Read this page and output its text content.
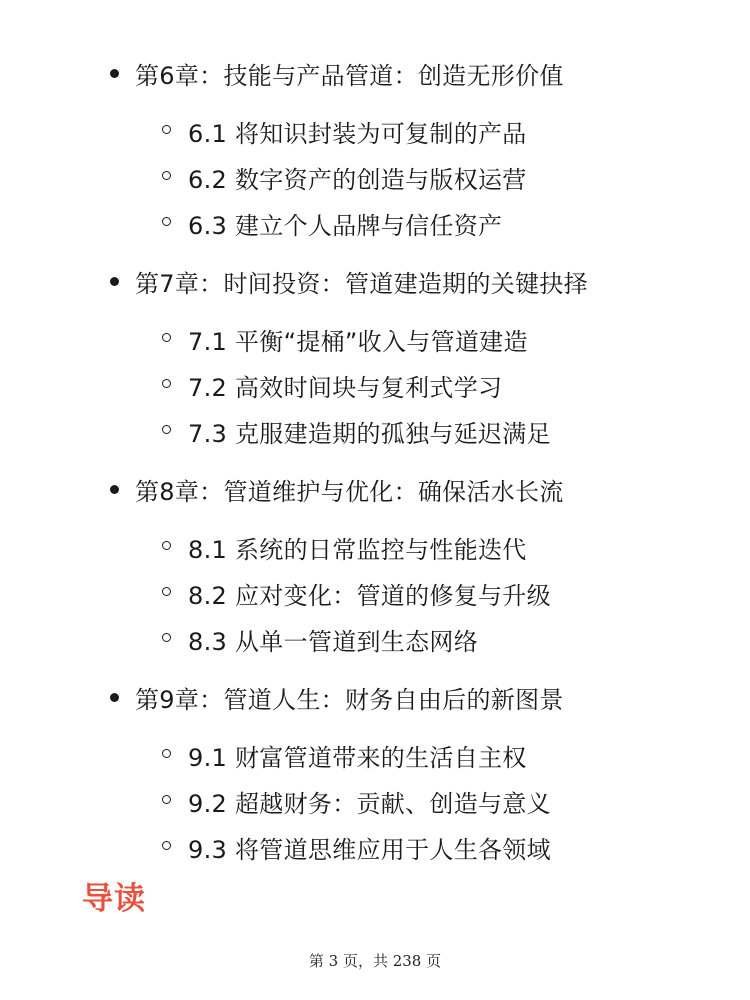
第6章：技能与产品管道：创造无形价值
6.1 将知识封装为可复制的产品
6.2 数字资产的创造与版权运营
6.3 建立个人品牌与信任资产
第7章：时间投资：管道建造期的关键抉择
7.1 平衡“提桶”收入与管道建造
7.2 高效时间块与复利式学习
7.3 克服建造期的孤独与延迟满足
第8章：管道维护与优化：确保活水长流
8.1 系统的日常监控与性能迭代
8.2 应对变化：管道的修复与升级
8.3 从单一管道到生态网络
第9章：管道人生：财务自由后的新图景
9.1 财富管道带来的生活自主权
9.2 超越财务：贡献、创造与意义
9.3 将管道思维应用于人生各领域
导读
第 3 页，共 238 页
